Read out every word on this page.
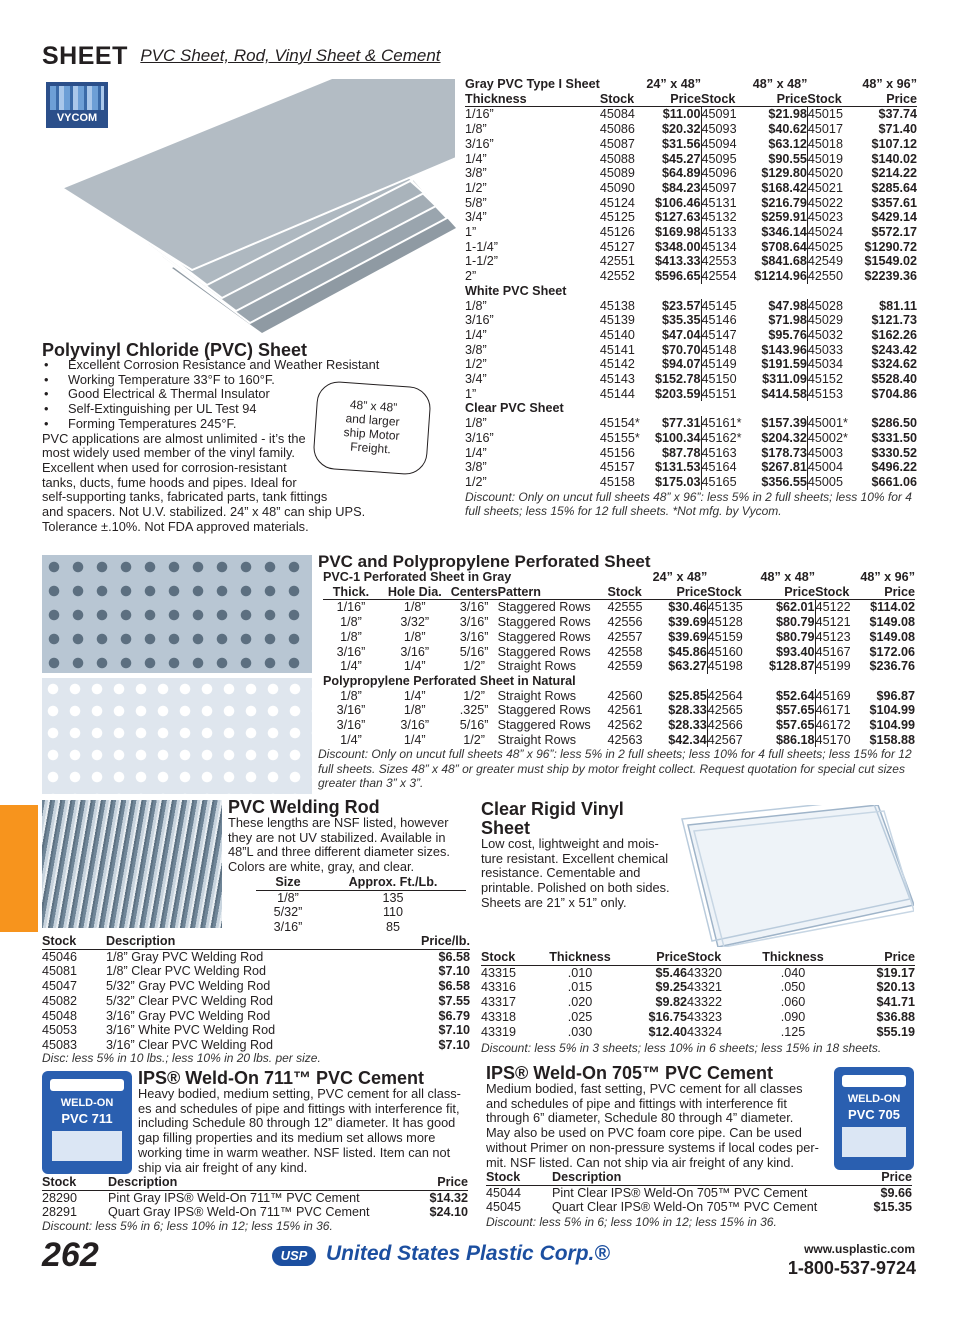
SHEET PVC Sheet, Rod, Vinyl Sheet & Cement
VYCOM
Polyvinyl Chloride (PVC) Sheet
• Excellent Corrosion Resistance and Weather Resistant
• Working Temperature 33°F to 160°F.
• Good Electrical & Thermal Insulator
• Self-Extinguishing per UL Test 94
• Forming Temperatures 245°F.
PVC applications are almost unlimited - it’s the
most widely used member of the vinyl family.
Excellent when used for corrosion-resistant
tanks, ducts, fume hoods and pipes. Ideal for
self-supporting tanks, fabricated parts, tank fittings
and spacers. Not U.V. stabilized. 24” x 48” can ship UPS.
Tolerance ±.10%. Not FDA approved materials.
48” x 48”
and larger
ship Motor
Freight.
Gray PVC Type I Sheet	24” x 48”		48” x 48”		48” x 96”	
Thickness	Stock	Price	Stock	Price	Stock	Price
1/16”	45084	$11.00	45091	$21.98	45015	$37.74
1/8”	45086	$20.32	45093	$40.62	45017	$71.40
3/16”	45087	$31.56	45094	$63.12	45018	$107.12
1/4”	45088	$45.27	45095	$90.55	45019	$140.02
3/8”	45089	$64.89	45096	$129.80	45020	$214.22
1/2”	45090	$84.23	45097	$168.42	45021	$285.64
5/8”	45124	$106.46	45131	$216.79	45022	$357.61
3/4”	45125	$127.63	45132	$259.91	45023	$429.14
1”	45126	$169.98	45133	$346.14	45024	$572.17
1-1/4”	45127	$348.00	45134	$708.64	45025	$1290.72
1-1/2”	42551	$413.33	42553	$841.68	42549	$1549.02
2”	42552	$596.65	42554	$1214.96	42550	$2239.36
White PVC Sheet						
1/8”	45138	$23.57	45145	$47.98	45028	$81.11
3/16”	45139	$35.35	45146	$71.98	45029	$121.73
1/4”	45140	$47.04	45147	$95.76	45032	$162.26
3/8”	45141	$70.70	45148	$143.96	45033	$243.42
1/2”	45142	$94.07	45149	$191.59	45034	$324.62
3/4”	45143	$152.78	45150	$311.09	45152	$528.40
1”	45144	$203.59	45151	$414.58	45153	$704.86
Clear PVC Sheet						
1/8”	45154*	$77.31	45161*	$157.39	45001*	$286.50
3/16”	45155*	$100.34	45162*	$204.32	45002*	$331.50
1/4”	45156	$87.78	45163	$178.73	45003	$330.52
3/8”	45157	$131.53	45164	$267.81	45004	$496.22
1/2”	45158	$175.03	45165	$356.55	45005	$661.06
Discount: Only on uncut full sheets 48” x 96”: less 5% in 2 full sheets; less 10% for 4
full sheets; less 15% for 12 full sheets. *Not mfg. by Vycom.
PVC and Polypropylene Perforated Sheet
PVC-1 Perforated Sheet in Gray				24” x 48”		48” x 48”		48” x 96”	
Thick.	Hole Dia.	Centers	Pattern	Stock	Price	Stock	Price	Stock	Price
1/16”	1/8”	3/16”	Staggered Rows	42555	$30.46	45135	$62.01	45122	$114.02
1/8”	3/32”	3/16”	Staggered Rows	42556	$39.69	45128	$80.79	45121	$149.08
1/8”	1/8”	3/16”	Staggered Rows	42557	$39.69	45159	$80.79	45123	$149.08
3/16”	3/16”	5/16”	Staggered Rows	42558	$45.86	45160	$93.40	45167	$172.06
1/4”	1/4”	1/2”	Straight Rows	42559	$63.27	45198	$128.87	45199	$236.76
Polypropylene Perforated Sheet in Natural									
1/8”	1/4”	1/2”	Straight Rows	42560	$25.85	42564	$52.64	45169	$96.87
3/16”	1/8”	.325”	Staggered Rows	42561	$28.33	42565	$57.65	46171	$104.99
3/16”	3/16”	5/16”	Staggered Rows	42562	$28.33	42566	$57.65	46172	$104.99
1/4”	1/4”	1/2”	Straight Rows	42563	$42.34	42567	$86.18	45170	$158.88
Discount: Only on uncut full sheets 48” x 96”: less 5% in 2 full sheets; less 10% for 4 full sheets; less 15% for 12
full sheets. Sizes 48” x 48” or greater must ship by motor freight collect. Request quotation for special cut sizes
greater than 3” x 3”.
PVC Welding Rod
These lengths are NSF listed, however
they are not UV stabilized. Available in
48”L and three different diameter sizes.
Colors are white, gray, and clear.
Size	Approx. Ft./Lb.
1/8”	135
5/32”	110
3/16”	85
Stock	Description	Price/lb.
45046	1/8” Gray PVC Welding Rod	$6.58
45081	1/8” Clear PVC Welding Rod	$7.10
45047	5/32” Gray PVC Welding Rod	$6.58
45082	5/32” Clear PVC Welding Rod	$7.55
45048	3/16” Gray PVC Welding Rod	$6.79
45053	3/16” White PVC Welding Rod	$7.10
45083	3/16” Clear PVC Welding Rod	$7.10
Disc: less 5% in 10 lbs.; less 10% in 20 lbs. per size.
Clear Rigid Vinyl
Sheet
Low cost, lightweight and mois-
ture resistant. Excellent chemical
resistance. Cementable and
printable. Polished on both sides.
Sheets are 21” x 51” only.
Stock	Thickness	Price	Stock	Thickness	Price
43315	.010	$5.46	43320	.040	$19.17
43316	.015	$9.25	43321	.050	$20.13
43317	.020	$9.82	43322	.060	$41.71
43318	.025	$16.75	43323	.090	$36.88
43319	.030	$12.40	43324	.125	$55.19
Discount: less 5% in 3 sheets; less 10% in 6 sheets; less 15% in 18 sheets.
WELD-ON
PVC 711
IPS® Weld-On 711™ PVC Cement
Heavy bodied, medium setting, PVC cement for all class-
es and schedules of pipe and fittings with interference fit,
including Schedule 80 through 12” diameter. It has good
gap filling properties and its medium set allows more
working time in warm weather. NSF listed. Item can not
ship via air freight of any kind.
Stock	Description	Price
28290	Pint Gray IPS® Weld-On 711™ PVC Cement	$14.32
28291	Quart Gray IPS® Weld-On 711™ PVC Cement	$24.10
Discount: less 5% in 6; less 10% in 12; less 15% in 36.
IPS® Weld-On 705™ PVC Cement
Medium bodied, fast setting, PVC cement for all classes
and schedules of pipe and fittings with interference fit
through 6” diameter, Schedule 80 through 4” diameter.
May also be used on PVC foam core pipe. Can be used
without Primer on non-pressure systems if local codes per-
mit. NSF listed. Can not ship via air freight of any kind.
WELD-ON
PVC 705
Stock	Description	Price
45044	Pint Clear IPS® Weld-On 705™ PVC Cement	$9.66
45045	Quart Clear IPS® Weld-On 705™ PVC Cement	$15.35
Discount: less 5% in 6; less 10% in 12; less 15% in 36.
262	USP United States Plastic Corp.®	www.usplastic.com
1-800-537-9724
